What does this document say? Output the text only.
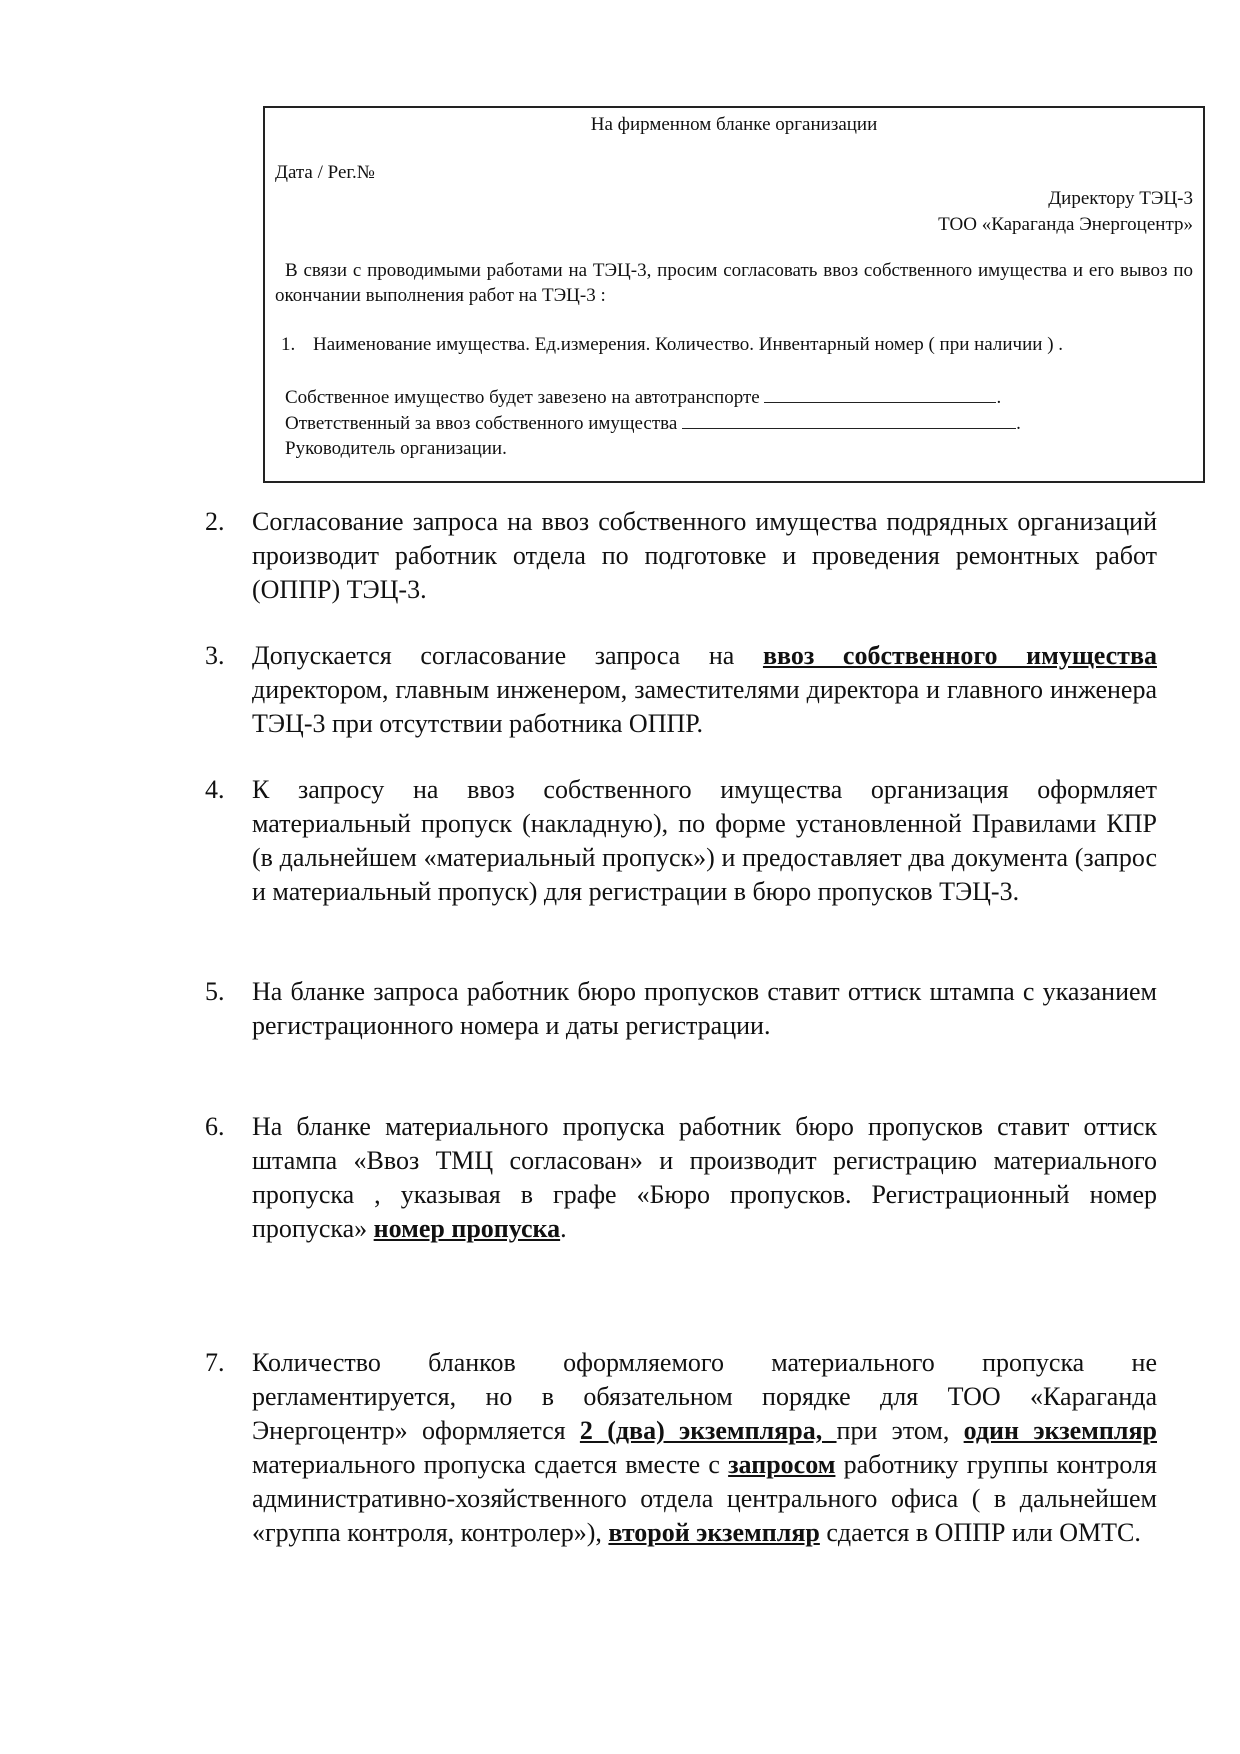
На фирменном бланке организации
Дата / Рег.№
Директору ТЭЦ-3
ТОО «Караганда Энергоцентр»
В связи с проводимыми работами на ТЭЦ-3, просим согласовать ввоз собственного имущества и его вывоз по окончании выполнения работ на ТЭЦ-3 :
1. Наименование имущества. Ед.измерения. Количество. Инвентарный номер ( при наличии ) .
Собственное имущество будет завезено на автотранспорте	.
Ответственный за ввоз собственного имущества	.
Руководитель организации.
2.	Согласование запроса на ввоз собственного имущества подрядных организаций производит работник отдела по подготовке и проведения ремонтных работ (ОППР) ТЭЦ-3.
3.	Допускается согласование запроса на ввоз собственного имущества директором, главным инженером, заместителями директора и главного инженера ТЭЦ-3 при отсутствии работника ОППР.
4.	К запросу на ввоз собственного имущества организация оформляет материальный пропуск (накладную), по форме установленной Правилами КПР (в дальнейшем «материальный пропуск») и предоставляет два документа (запрос и материальный пропуск) для регистрации в бюро пропусков ТЭЦ-3.
5.	На бланке запроса работник бюро пропусков ставит оттиск штампа с указанием регистрационного номера и даты регистрации.
6.	На бланке материального пропуска работник бюро пропусков ставит оттиск штампа «Ввоз ТМЦ согласован» и производит регистрацию материального пропуска , указывая в графе «Бюро пропусков. Регистрационный номер пропуска» номер пропуска.
7.	Количество бланков оформляемого материального пропуска не регламентируется, но в обязательном порядке для ТОО «Караганда Энергоцентр» оформляется 2 (два) экземпляра, при этом, один экземпляр материального пропуска сдается вместе с запросом работнику группы контроля административно-хозяйственного отдела центрального офиса ( в дальнейшем «группа контроля, контролер»), второй экземпляр сдается в ОППР или ОМТС.
